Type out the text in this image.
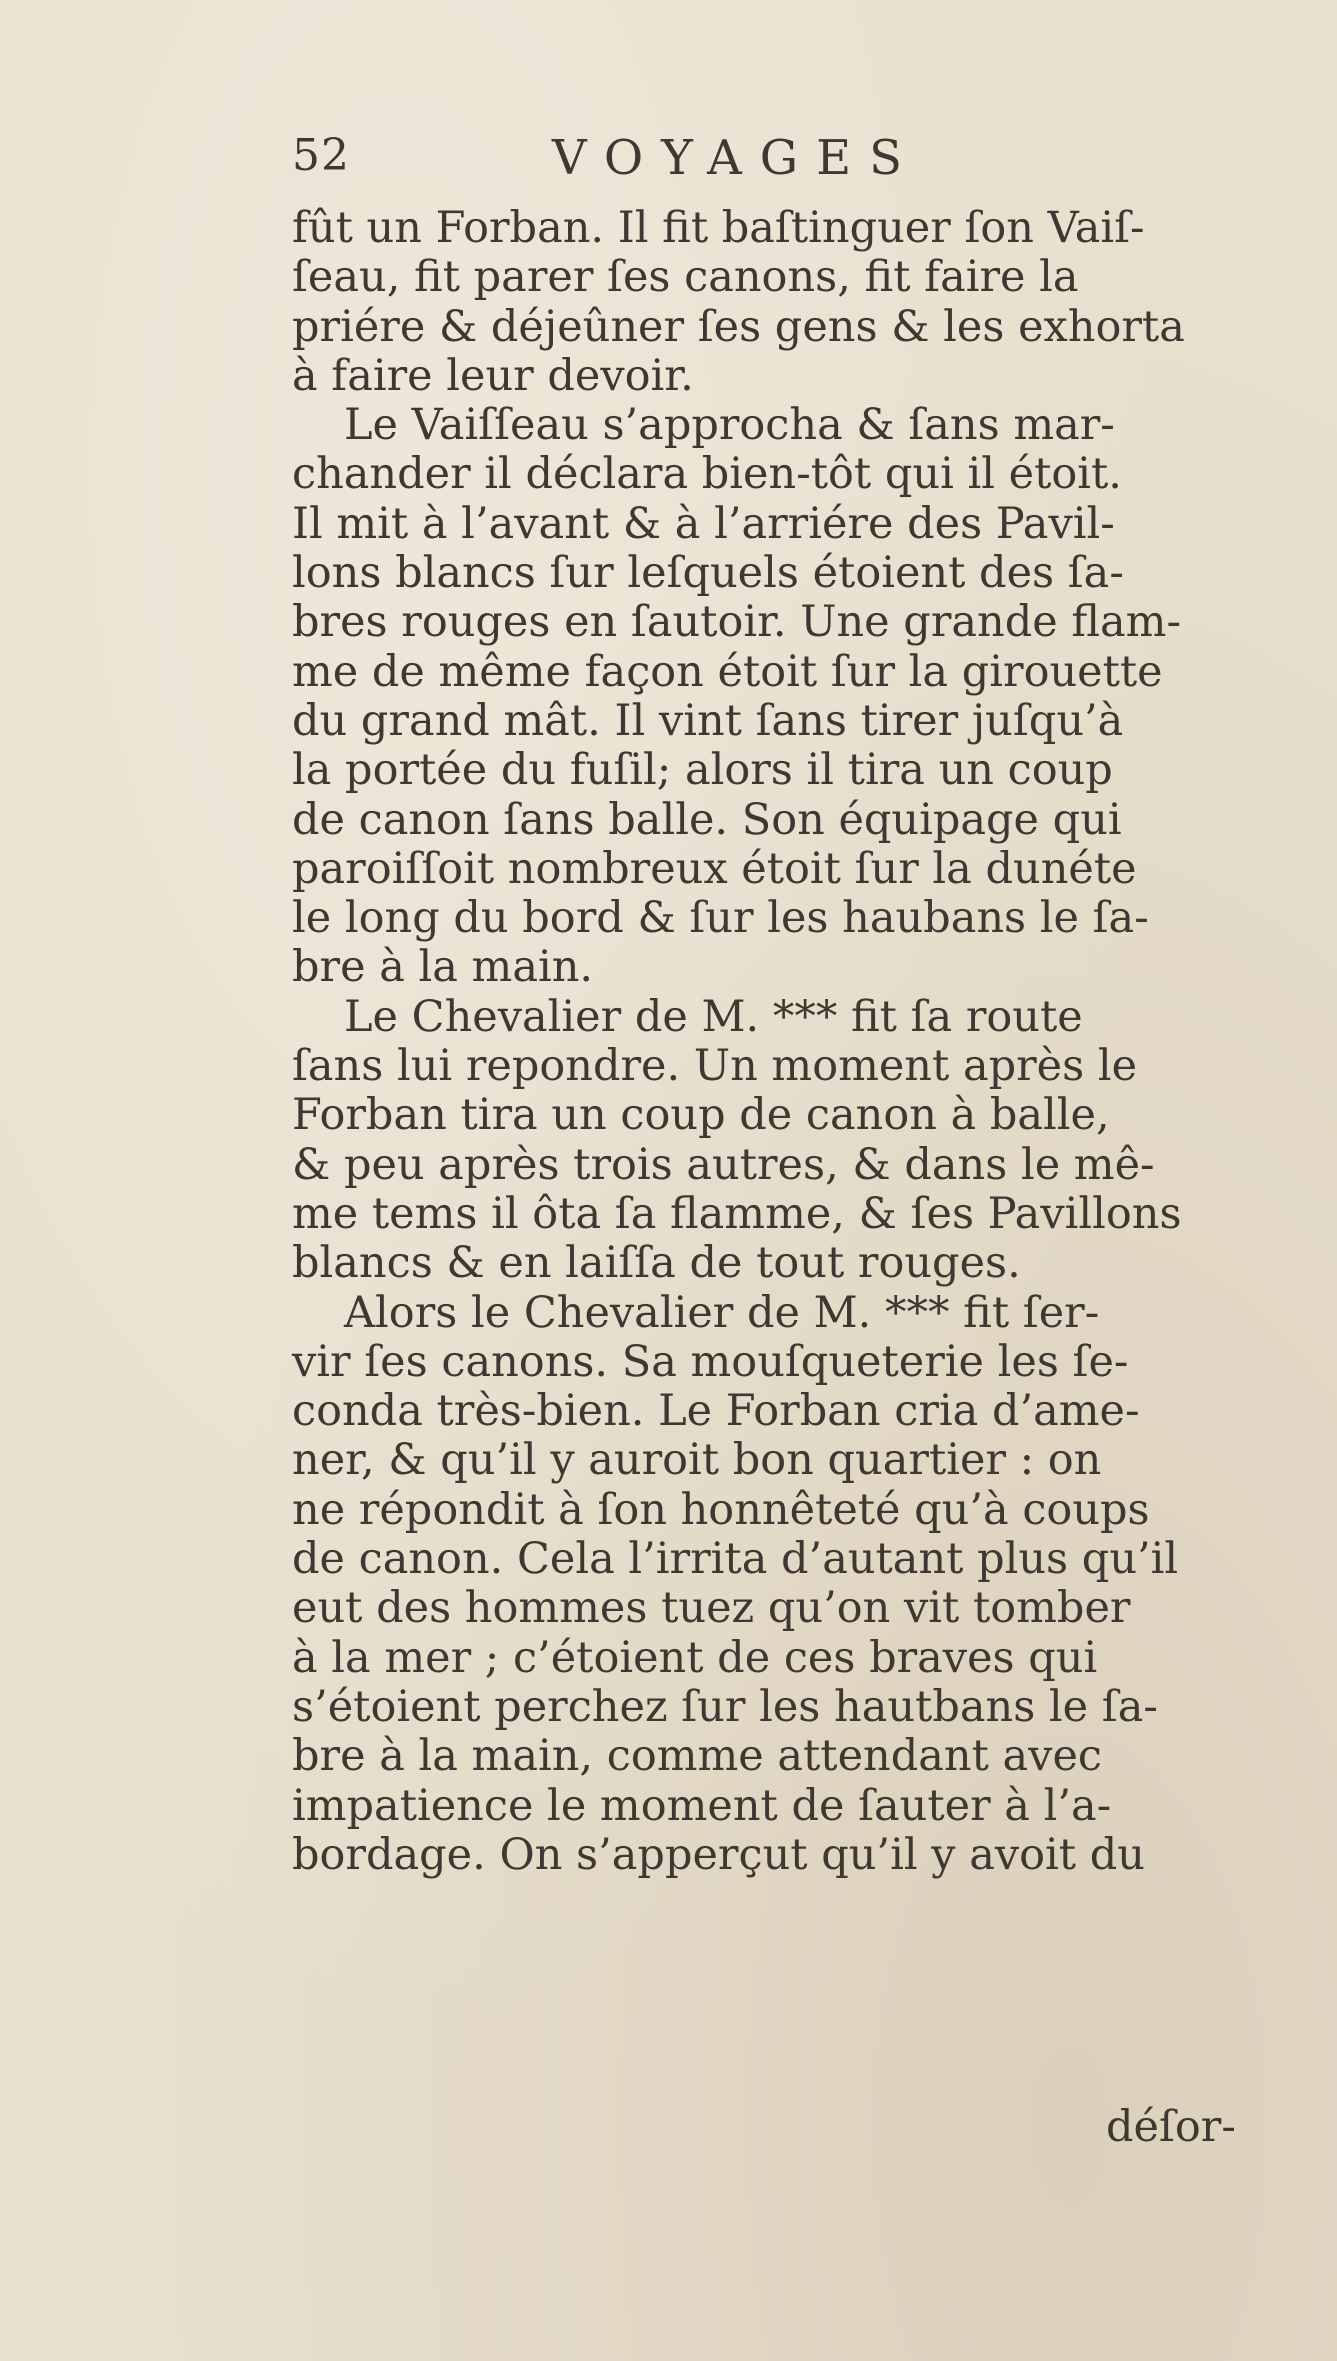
52	VOYAGES
fût un Forban. Il fit baſtinguer ſon Vaiſ-
ſeau, fit parer ſes canons, fit faire la
priére & déjeûner ſes gens & les exhorta
à faire leur devoir.
Le Vaiſſeau s’approcha & ſans mar-
chander il déclara bien-tôt qui il étoit.
Il mit à l’avant & à l’arriére des Pavil-
lons blancs ſur leſquels étoient des ſa-
bres rouges en ſautoir. Une grande flam-
me de même façon étoit ſur la girouette
du grand mât. Il vint ſans tirer juſqu’à
la portée du fuſil; alors il tira un coup
de canon ſans balle. Son équipage qui
paroiſſoit nombreux étoit ſur la dunéte
le long du bord & ſur les haubans le ſa-
bre à la main.
Le Chevalier de M. *** fit ſa route
ſans lui repondre. Un moment après le
Forban tira un coup de canon à balle,
& peu après trois autres, & dans le mê-
me tems il ôta ſa flamme, & ſes Pavillons
blancs & en laiſſa de tout rouges.
Alors le Chevalier de M. *** fit ſer-
vir ſes canons. Sa mouſqueterie les ſe-
conda très-bien. Le Forban cria d’ame-
ner, & qu’il y auroit bon quartier : on
ne répondit à ſon honnêteté qu’à coups
de canon. Cela l’irrita d’autant plus qu’il
eut des hommes tuez qu’on vit tomber
à la mer ; c’étoient de ces braves qui
s’étoient perchez ſur les hautbans le ſa-
bre à la main, comme attendant avec
impatience le moment de ſauter à l’a-
bordage. On s’apperçut qu’il y avoit du
déſor-
